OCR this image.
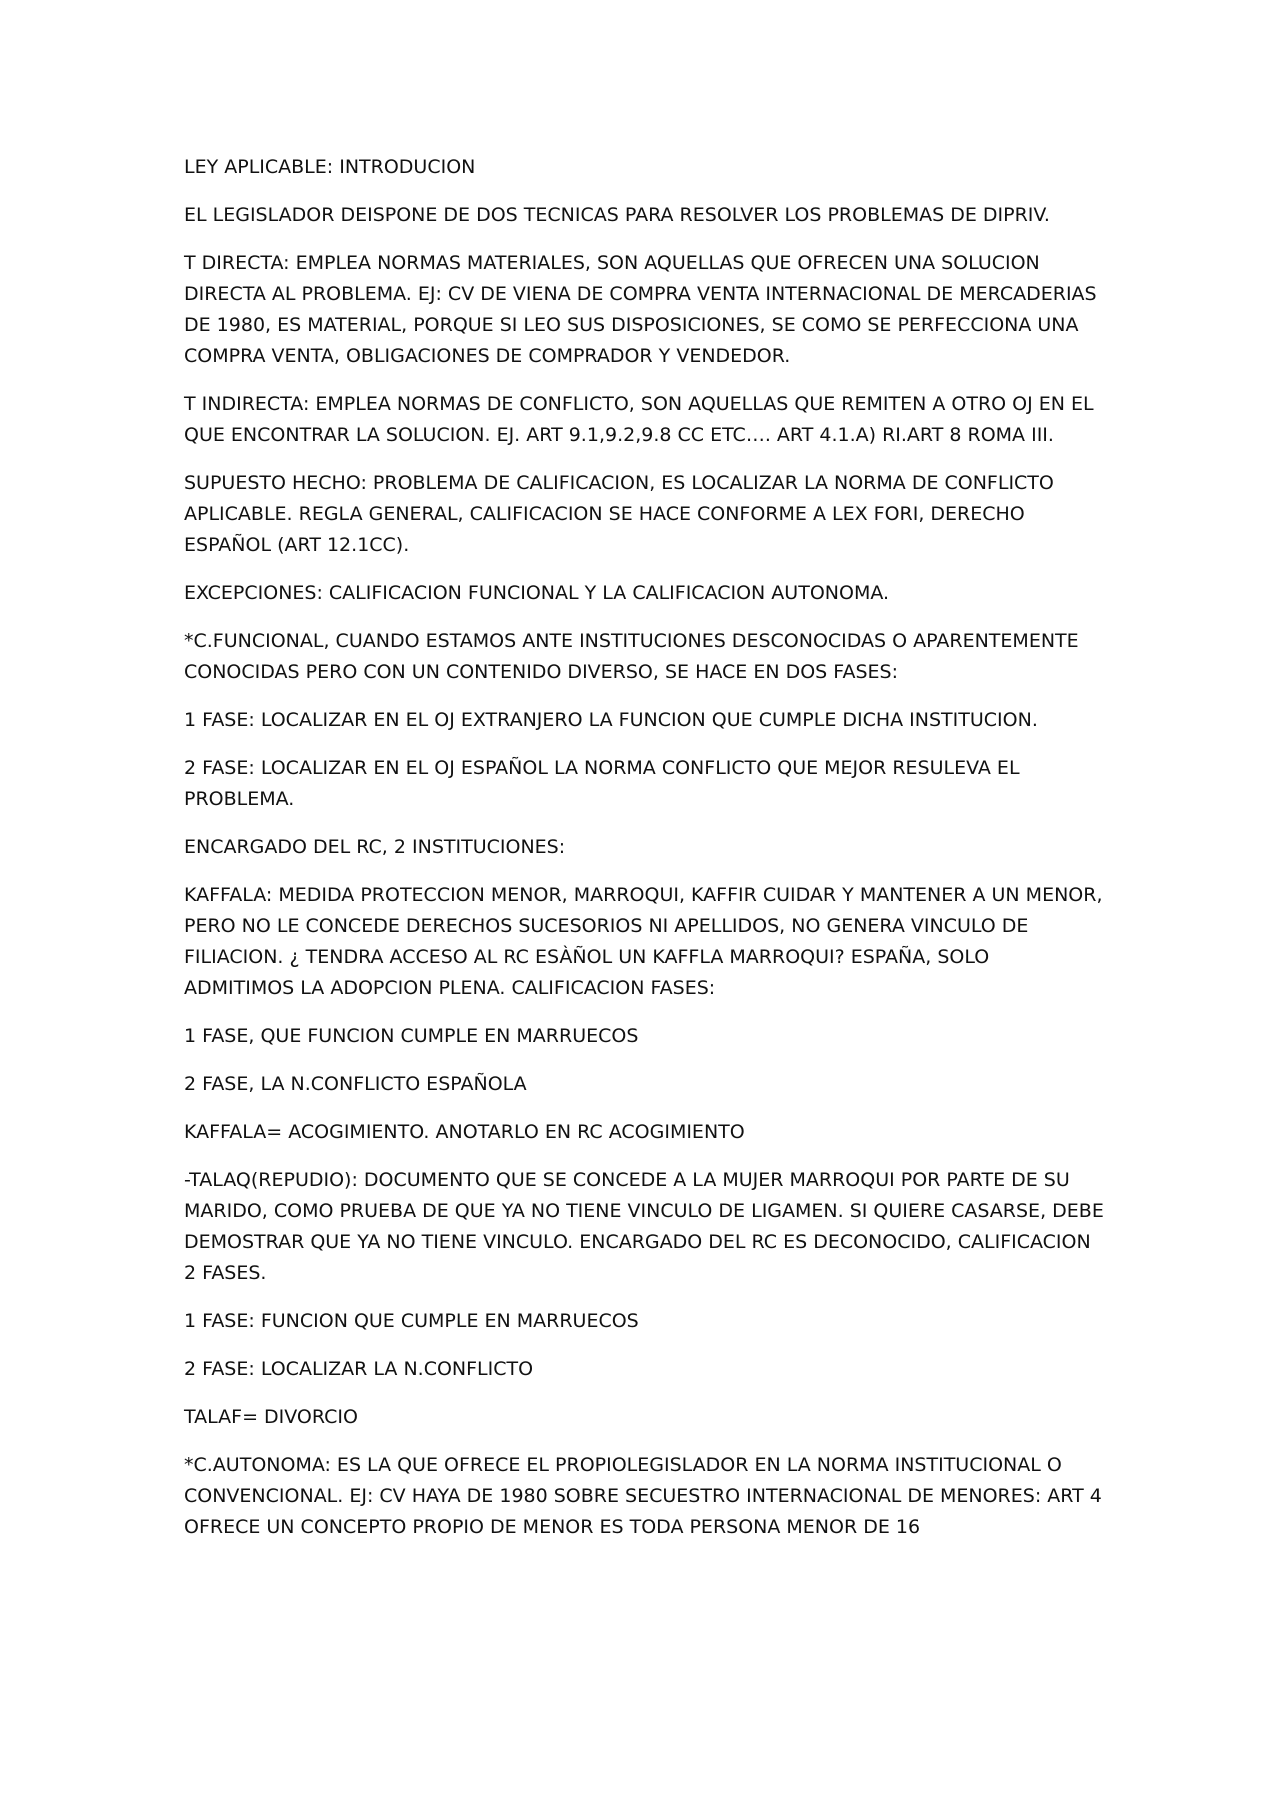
LEY APLICABLE: INTRODUCION

EL LEGISLADOR DEISPONE DE DOS TECNICAS PARA RESOLVER LOS PROBLEMAS DE DIPRIV.

T DIRECTA: EMPLEA NORMAS MATERIALES, SON AQUELLAS QUE OFRECEN UNA SOLUCION DIRECTA AL PROBLEMA. EJ: CV DE VIENA DE COMPRA VENTA INTERNACIONAL DE MERCADERIAS DE 1980, ES MATERIAL, PORQUE SI LEO SUS DISPOSICIONES, SE COMO SE PERFECCIONA UNA COMPRA VENTA, OBLIGACIONES DE COMPRADOR Y VENDEDOR.

T INDIRECTA: EMPLEA NORMAS DE CONFLICTO, SON AQUELLAS QUE REMITEN A OTRO OJ EN EL QUE ENCONTRAR LA SOLUCION. EJ. ART 9.1,9.2,9.8 CC ETC…. ART 4.1.A) RI.ART 8 ROMA III.

SUPUESTO HECHO: PROBLEMA DE CALIFICACION, ES LOCALIZAR LA NORMA DE CONFLICTO APLICABLE. REGLA GENERAL, CALIFICACION SE HACE CONFORME A LEX FORI, DERECHO ESPAÑOL (ART 12.1CC).

EXCEPCIONES: CALIFICACION FUNCIONAL Y LA CALIFICACION AUTONOMA.

*C.FUNCIONAL, CUANDO ESTAMOS ANTE INSTITUCIONES DESCONOCIDAS O APARENTEMENTE CONOCIDAS PERO CON UN CONTENIDO DIVERSO, SE HACE EN DOS FASES:

1 FASE: LOCALIZAR EN EL OJ EXTRANJERO LA FUNCION QUE CUMPLE DICHA INSTITUCION.

2 FASE: LOCALIZAR EN EL OJ ESPAÑOL LA NORMA CONFLICTO QUE MEJOR RESULEVA EL PROBLEMA.

ENCARGADO DEL RC, 2 INSTITUCIONES:

KAFFALA: MEDIDA PROTECCION MENOR, MARROQUI, KAFFIR CUIDAR Y MANTENER A UN MENOR, PERO NO LE CONCEDE DERECHOS SUCESORIOS NI APELLIDOS, NO GENERA VINCULO DE FILIACION. ¿ TENDRA ACCESO AL RC ESÀÑOL UN KAFFLA MARROQUI? ESPAÑA, SOLO ADMITIMOS LA ADOPCION PLENA. CALIFICACION FASES:

1 FASE, QUE FUNCION CUMPLE EN MARRUECOS

2 FASE, LA N.CONFLICTO ESPAÑOLA

KAFFALA= ACOGIMIENTO. ANOTARLO EN RC ACOGIMIENTO

-TALAQ(REPUDIO): DOCUMENTO QUE SE CONCEDE A LA MUJER MARROQUI POR PARTE DE SU MARIDO, COMO PRUEBA DE QUE YA NO TIENE VINCULO DE LIGAMEN. SI QUIERE CASARSE, DEBE DEMOSTRAR QUE YA NO TIENE VINCULO. ENCARGADO DEL RC ES DECONOCIDO, CALIFICACION 2 FASES.

1 FASE: FUNCION QUE CUMPLE EN MARRUECOS

2 FASE: LOCALIZAR LA N.CONFLICTO

TALAF= DIVORCIO

*C.AUTONOMA: ES LA QUE OFRECE EL PROPIOLEGISLADOR EN LA NORMA INSTITUCIONAL O CONVENCIONAL. EJ: CV HAYA DE 1980 SOBRE SECUESTRO INTERNACIONAL DE MENORES: ART 4 OFRECE UN CONCEPTO PROPIO DE MENOR ES TODA PERSONA MENOR DE 16
